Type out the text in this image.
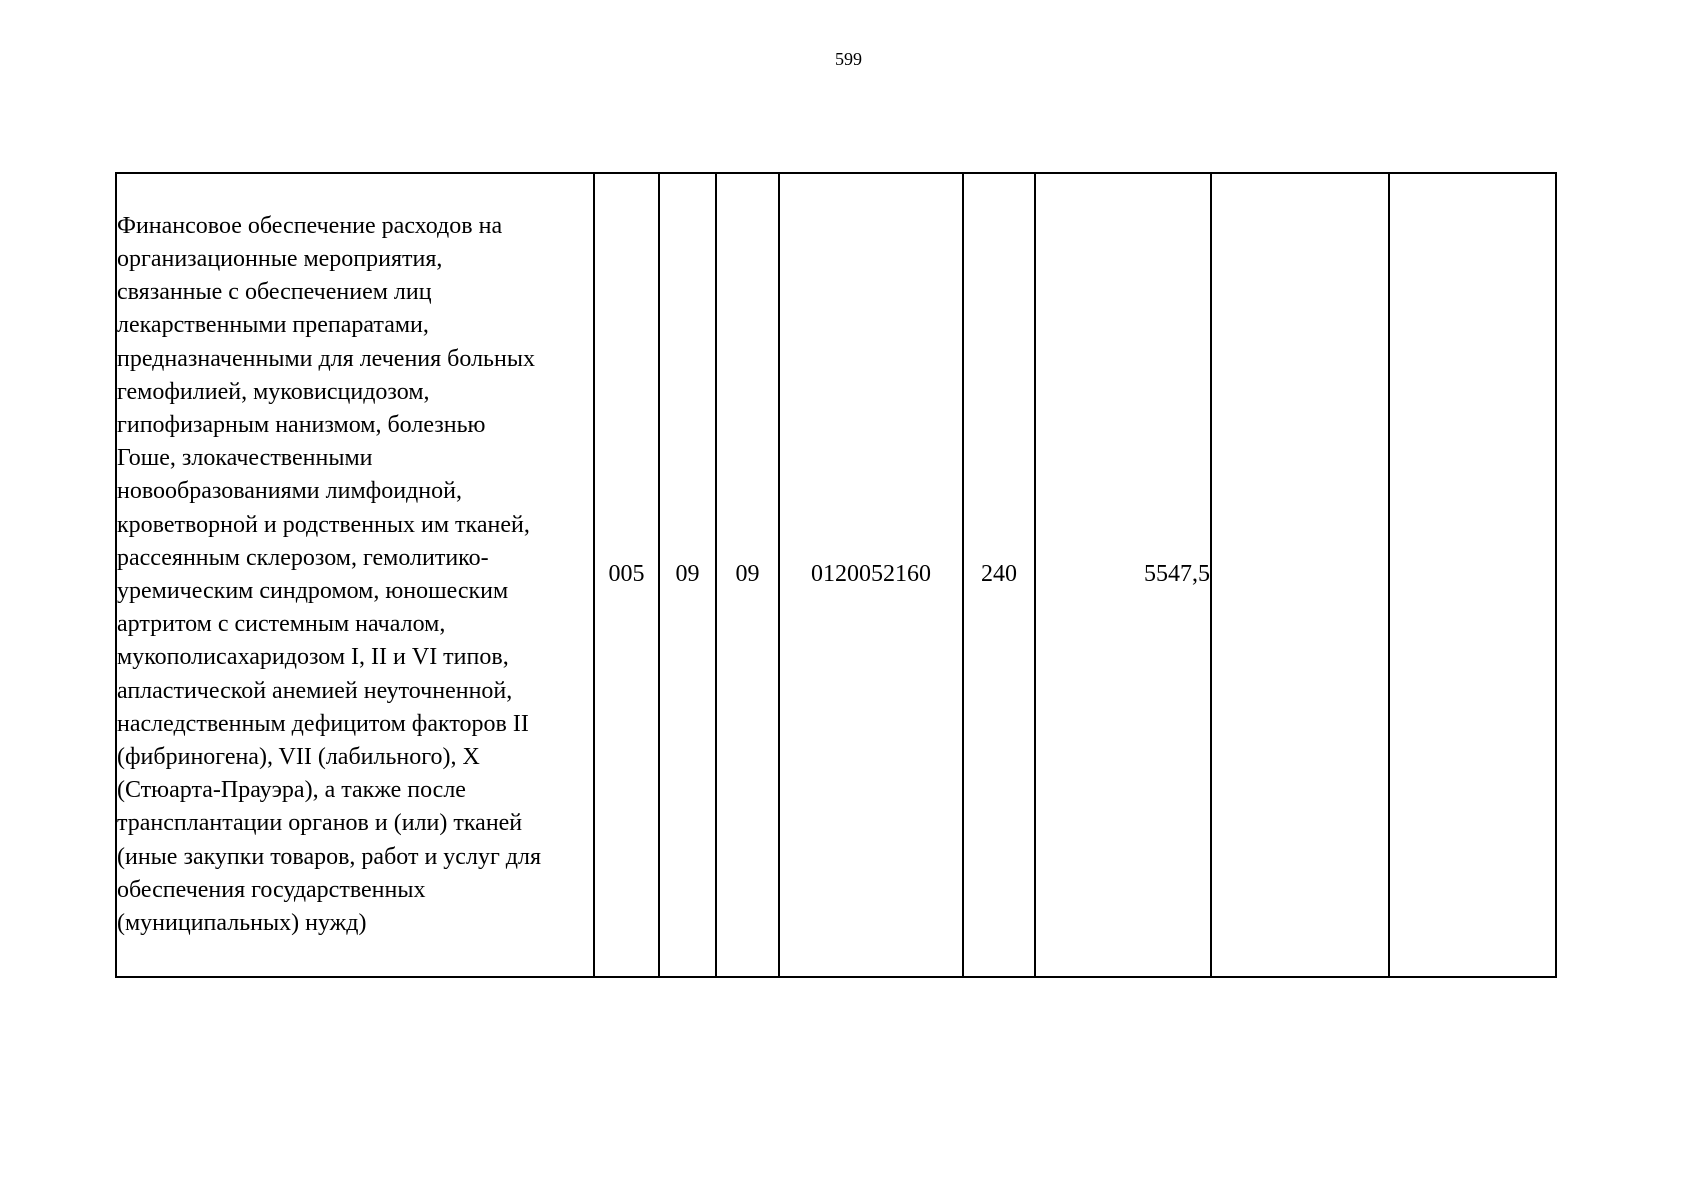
599
Финансовое обеспечение расходов на
организационные мероприятия,
связанные с обеспечением лиц
лекарственными препаратами,
предназначенными для лечения больных
гемофилией, муковисцидозом,
гипофизарным нанизмом, болезнью
Гоше, злокачественными
новообразованиями лимфоидной,
кроветворной и родственных им тканей,
рассеянным склерозом, гемолитико-
уремическим синдромом, юношеским
артритом с системным началом,
мукополисахаридозом I, II и VI типов,
апластической анемией неуточненной,
наследственным дефицитом факторов II
(фибриногена), VII (лабильного), X
(Стюарта-Прауэра), а также после
трансплантации органов и (или) тканей
(иные закупки товаров, работ и услуг для
обеспечения государственных
(муниципальных) нужд)
	005	09	09	0120052160	240	5547,5		
